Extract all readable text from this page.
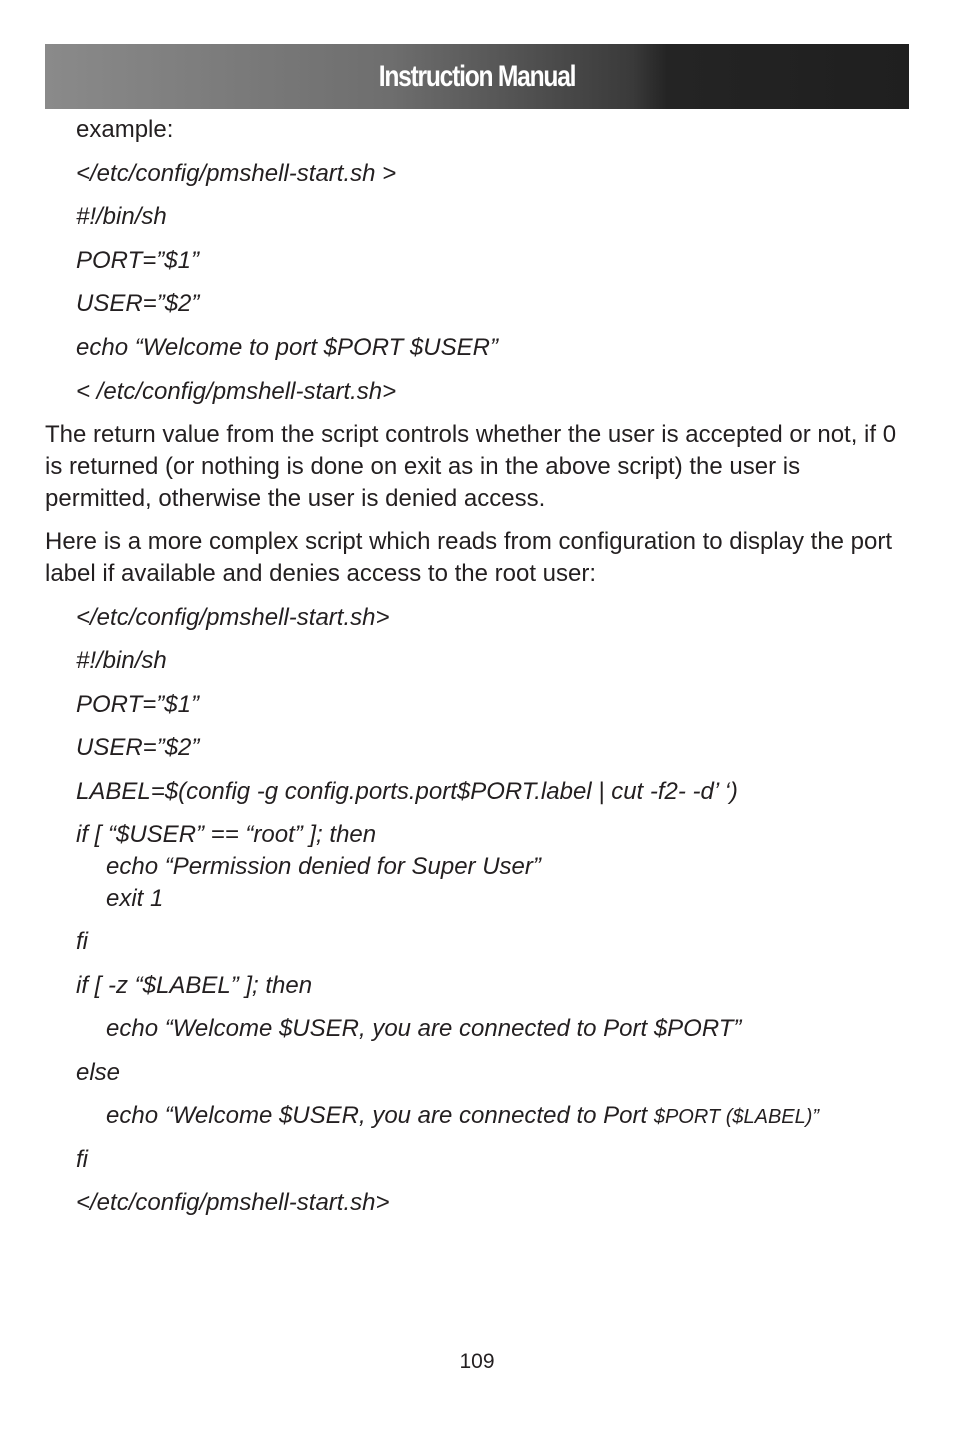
Instruction Manual
example:
</etc/config/pmshell-start.sh >
#!/bin/sh
PORT=”$1”
USER=”$2”
echo “Welcome to port $PORT $USER”
< /etc/config/pmshell-start.sh>
The return value from the script controls whether the user is accepted or not, if 0 is returned (or nothing is done on exit as in the above script) the user is permitted, otherwise the user is denied access.
Here is a more complex script which reads from configuration to display the port label if available and denies access to the root user:
</etc/config/pmshell-start.sh>
#!/bin/sh
PORT=”$1”
USER=”$2”
LABEL=$(config -g config.ports.port$PORT.label | cut -f2- -d’ ‘)
if [ “$USER” == “root” ]; then
echo “Permission denied for Super User”
exit 1
fi
if [ -z “$LABEL” ]; then
echo “Welcome $USER, you are connected to Port $PORT”
else
echo “Welcome $USER, you are connected to Port $PORT ($LABEL)”
fi
</etc/config/pmshell-start.sh>
109
